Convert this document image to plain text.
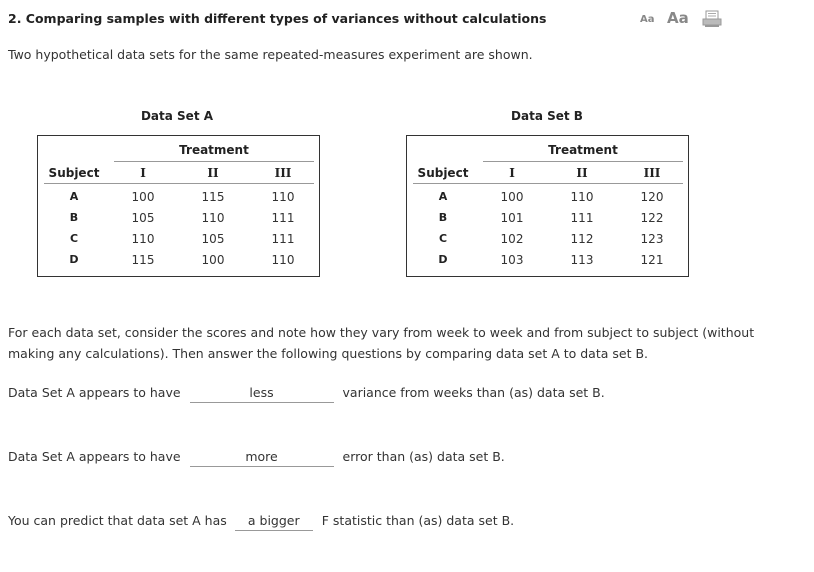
2. Comparing samples with different types of variances without calculations	Aa Aa
Two hypothetical data sets for the same repeated-measures experiment are shown.
Data Set A
Treatment
Subject	I	II	III
A	100	115	110
B	105	110	111
C	110	105	111
D	115	100	110
Data Set B
Treatment
Subject	I	II	III
A	100	110	120
B	101	111	122
C	102	112	123
D	103	113	121
For each data set, consider the scores and note how they vary from week to week and from subject to subject (without making any calculations). Then answer the following questions by comparing data set A to data set B.
Data Set A appears to have	less	variance from weeks than (as) data set B.
Data Set A appears to have	more	error than (as) data set B.
You can predict that data set A has a bigger F statistic than (as) data set B.
